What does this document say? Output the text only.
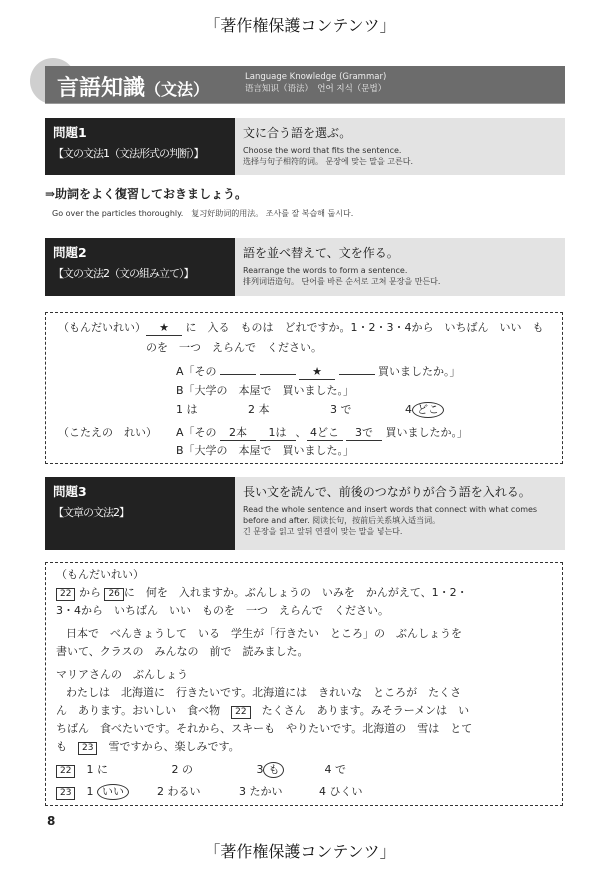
「著作権保護コンテンツ」
言語知識（文法）
Language Knowledge (Grammar)
语言知识（语法）　언어 지식（문법）
問題1
【文の文法1（文法形式の判断）】
文に合う語を選ぶ。
Choose the word that fits the sentence.
选择与句子相符的词。 문장에 맞는 말을 고른다.
⇒助詞をよく復習しておきましょう。
Go over the particles thoroughly.　复习好助词的用法。 조사를 잘 복습해 둡시다.
問題2
【文の文法2（文の組み立て）】
語を並べ替えて、文を作る。
Rearrange the words to form a sentence.
排列词语造句。 단어를 바른 순서로 고쳐 문장을 만든다.
（もんだいれい）	★ に　入る　ものは　どれですか。1・2・3・4から　いちばん　いい　も
のを　一つ　えらんで　ください。
A「その	★	買いましたか。」
B「大学の　本屋で　買いました。」
1 は	2 本	3 で	4 どこ
（こたえの　れい） A「その 2本 1は 、 4どこ 3で 買いましたか。」
B「大学の　本屋で　買いました。」
問題3
【文章の文法2】
長い文を読んで、前後のつながりが合う語を入れる。
Read the whole sentence and insert words that connect with what comes before and after. 阅读长句，按前后关系填入适当词。
긴 문장을 읽고 앞뒤 연결이 맞는 말을 넣는다.
（もんだいれい）
22 から 26 に　何を　入れますか。ぶんしょうの　いみを　かんがえて、1・2・
3・4から　いちばん　いい　ものを　一つ　えらんで　ください。
日本で　べんきょうして　いる　学生が「行きたい　ところ」の　ぶんしょうを
書いて、クラスの　みんなの　前で　読みました。
マリアさんの　ぶんしょう
わたしは　北海道に　行きたいです。北海道には　きれいな　ところが　たくさ
ん　あります。おいしい　食べ物　 22　 たくさん　あります。みそラーメンは　い
ちばん　食べたいです。それから、スキーも　やりたいです。北海道の　雪は　とて
も　 23　 雪ですから、楽しみです。
22　 1 に	2 の	3 も	4 で
23　 1 いい	2 わるい	3 たかい	4 ひくい
8
「著作権保護コンテンツ」
